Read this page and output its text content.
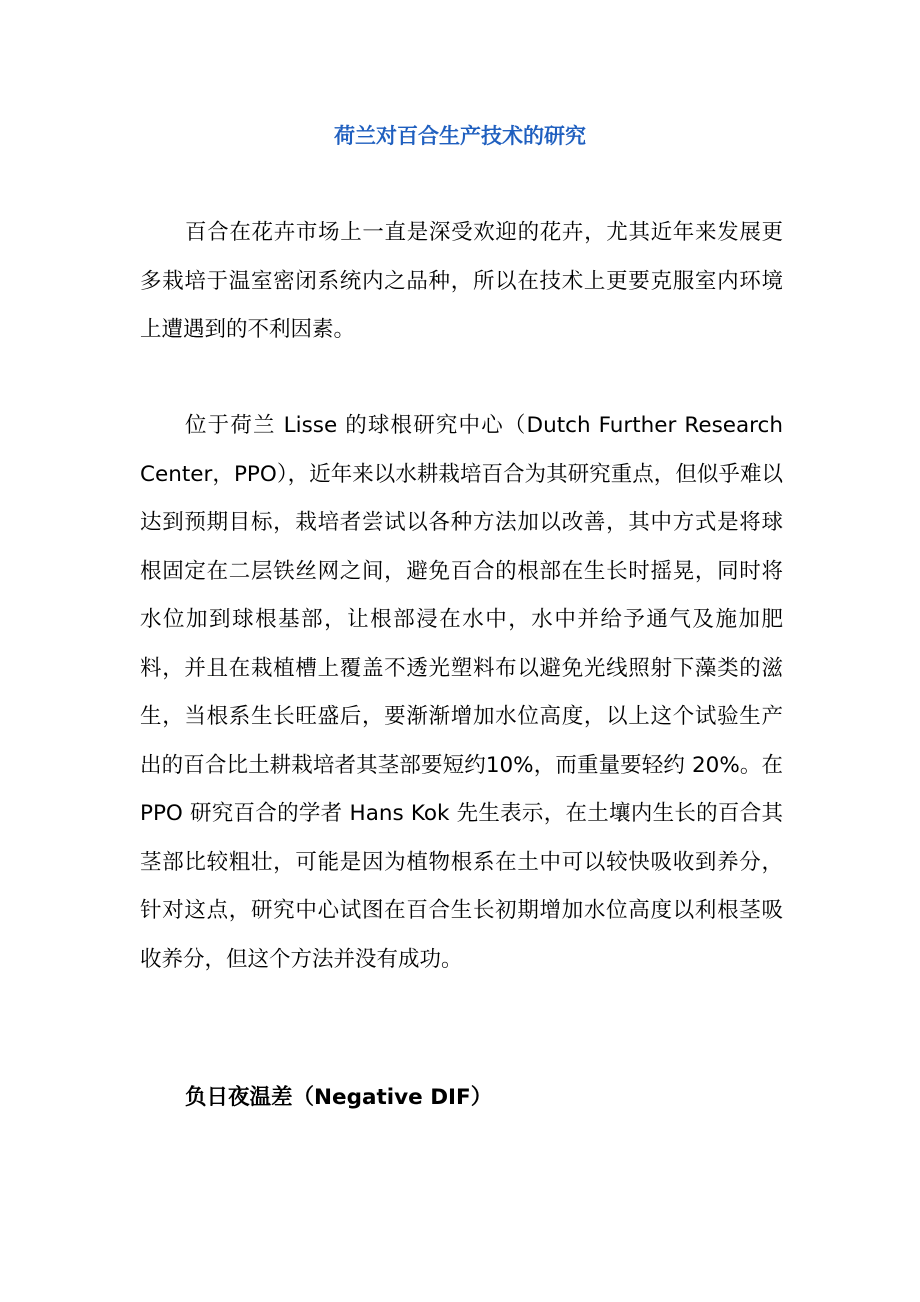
荷兰对百合生产技术的研究

百合在花卉市场上一直是深受欢迎的花卉，尤其近年来发展更多栽培于温室密闭系统内之品种，所以在技术上更要克服室内环境上遭遇到的不利因素。

位于荷兰 Lisse 的球根研究中心（Dutch Further Research Center，PPO），近年来以水耕栽培百合为其研究重点，但似乎难以达到预期目标，栽培者尝试以各种方法加以改善，其中方式是将球根固定在二层铁丝网之间，避免百合的根部在生长时摇晃，同时将水位加到球根基部，让根部浸在水中，水中并给予通气及施加肥料，并且在栽植槽上覆盖不透光塑料布以避免光线照射下藻类的滋生，当根系生长旺盛后，要渐渐增加水位高度，以上这个试验生产出的百合比土耕栽培者其茎部要短约10%，而重量要轻约 20%。在 PPO 研究百合的学者 Hans Kok 先生表示，在土壤内生长的百合其茎部比较粗壮，可能是因为植物根系在土中可以较快吸收到养分，针对这点，研究中心试图在百合生长初期增加水位高度以利根茎吸收养分，但这个方法并没有成功。

负日夜温差（Negative DIF）
